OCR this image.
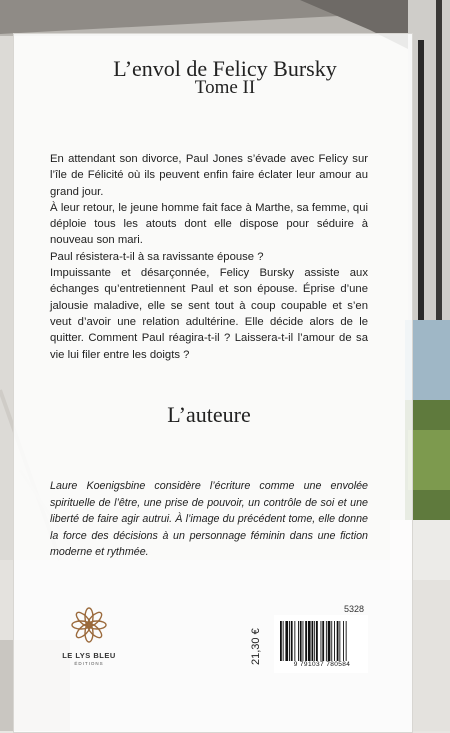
L’envol de Felicy Bursky
Tome II

En attendant son divorce, Paul Jones s’évade avec Felicy sur l’île de Félicité où ils peuvent enfin faire éclater leur amour au grand jour.

À leur retour, le jeune homme fait face à Marthe, sa femme, qui déploie tous les atouts dont elle dispose pour séduire à nouveau son mari.

Paul résistera-t-il à sa ravissante épouse ?

Impuissante et désarçonnée, Felicy Bursky assiste aux échanges qu’entretiennent Paul et son épouse. Éprise d’une jalousie maladive, elle se sent tout à coup coupable et s’en veut d’avoir une relation adultérine. Elle décide alors de le quitter. Comment Paul réagira-t-il ? Laissera-t-il l’amour de sa vie lui filer entre les doigts ?

L’auteure
Laure Koenigsbine considère l’écriture comme une envolée spirituelle de l’être, une prise de pouvoir, un contrôle de soi et une liberté de faire agir autrui. À l’image du précédent tome, elle donne la force des décisions à un personnage féminin dans une fiction moderne et rythmée.
5328
21,30 €	9 791037 780584
LE LYS BLEU
ÉDITIONS
